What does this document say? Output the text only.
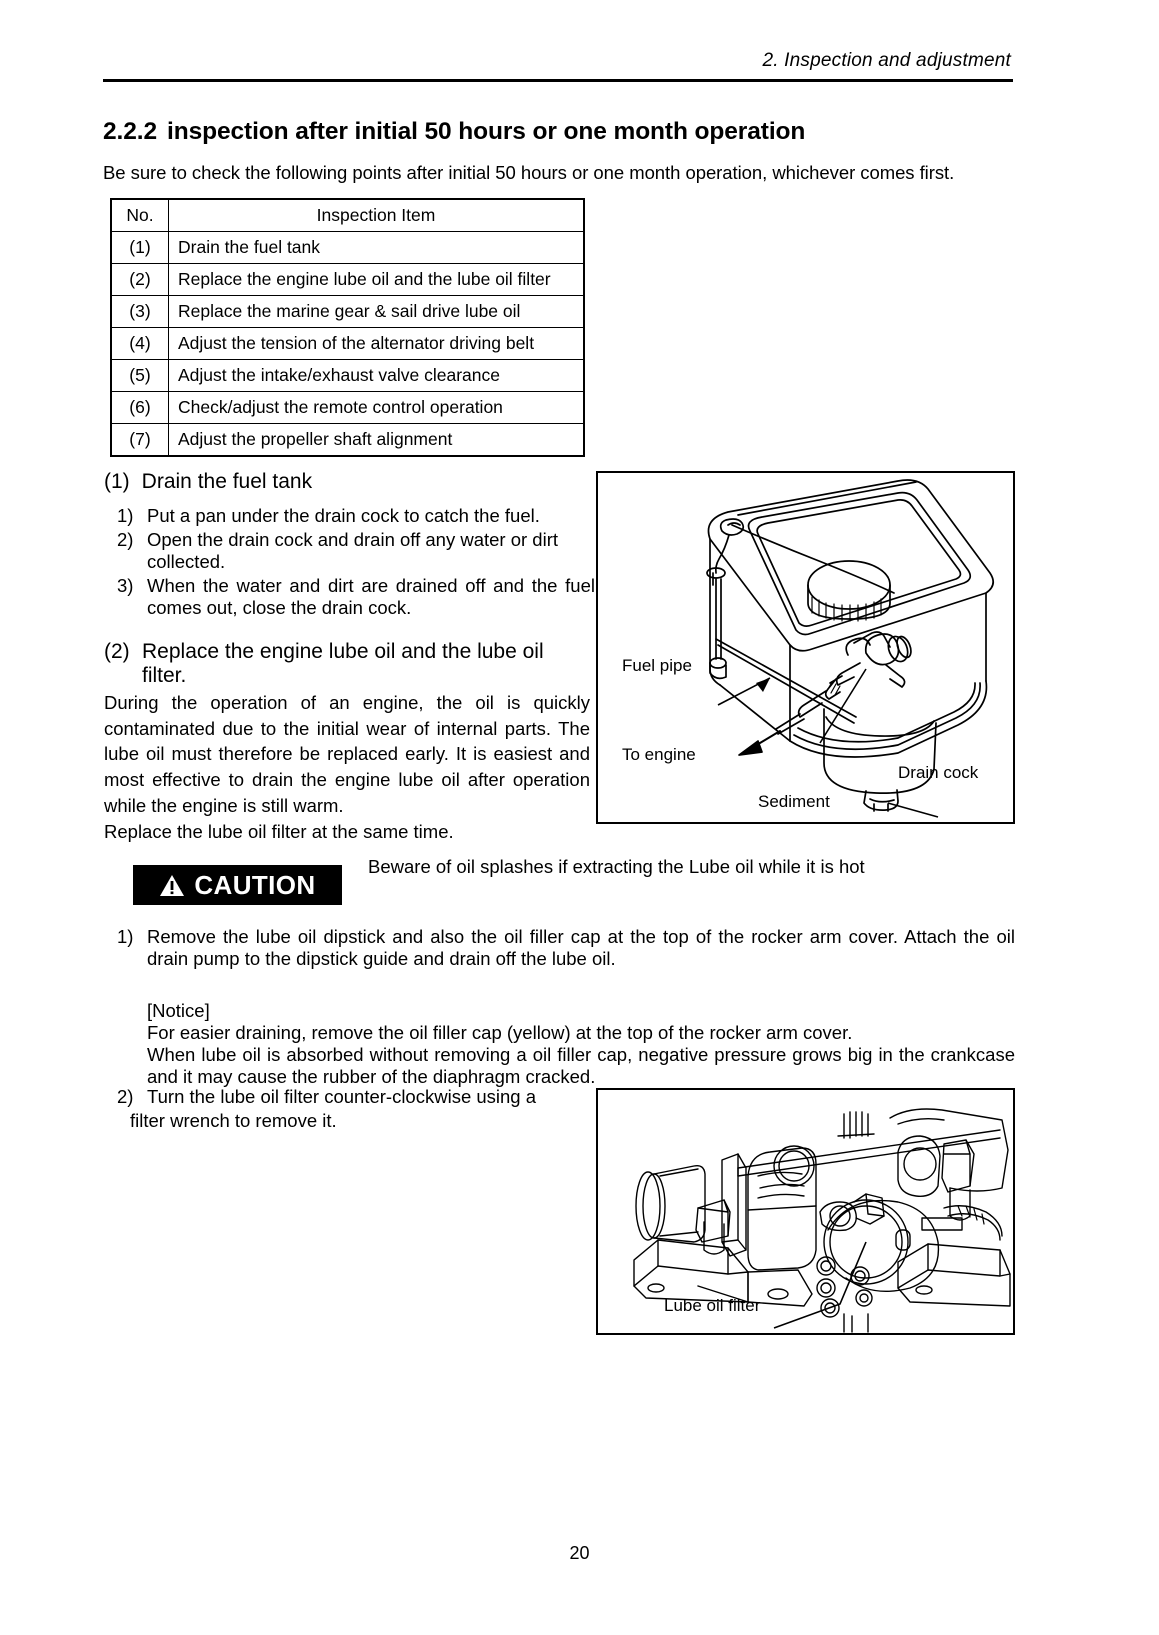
2. Inspection and adjustment
2.2.2 inspection after initial 50 hours or one month operation
Be sure to check the following points after initial 50 hours or one month operation, whichever comes first.
No.	Inspection Item
(1)	Drain the fuel tank
(2)	Replace the engine lube oil and the lube oil filter
(3)	Replace the marine gear & sail drive lube oil
(4)	Adjust the tension of the alternator driving belt
(5)	Adjust the intake/exhaust valve clearance
(6)	Check/adjust the remote control operation
(7)	Adjust the propeller shaft alignment
(1) Drain the fuel tank
1) Put a pan under the drain cock to catch the fuel.
2) Open the drain cock and drain off any water or dirt collected.
3) When the water and dirt are drained off and the fuel comes out, close the drain cock.
(2) Replace the engine lube oil and the lube oil
filter.
During the operation of an engine, the oil is quickly contaminated due to the initial wear of internal parts. The lube oil must therefore be replaced early. It is easiest and most effective to drain the engine lube oil after operation while the engine is still warm.
Replace the lube oil filter at the same time.
Fuel pipe
To engine
Sediment
Drain cock
CAUTION
Beware of oil splashes if extracting the Lube oil while it is hot
1) Remove the lube oil dipstick and also the oil filler cap at the top of the rocker arm cover. Attach the oil drain pump to the dipstick guide and drain off the lube oil.
[Notice]
For easier draining, remove the oil filler cap (yellow) at the top of the rocker arm cover.
When lube oil is absorbed without removing a oil filler cap, negative pressure grows big in the crankcase and it may cause the rubber of the diaphragm cracked.
2) Turn the lube oil filter counter-clockwise using a
filter wrench to remove it.
Lube oil filter
20
